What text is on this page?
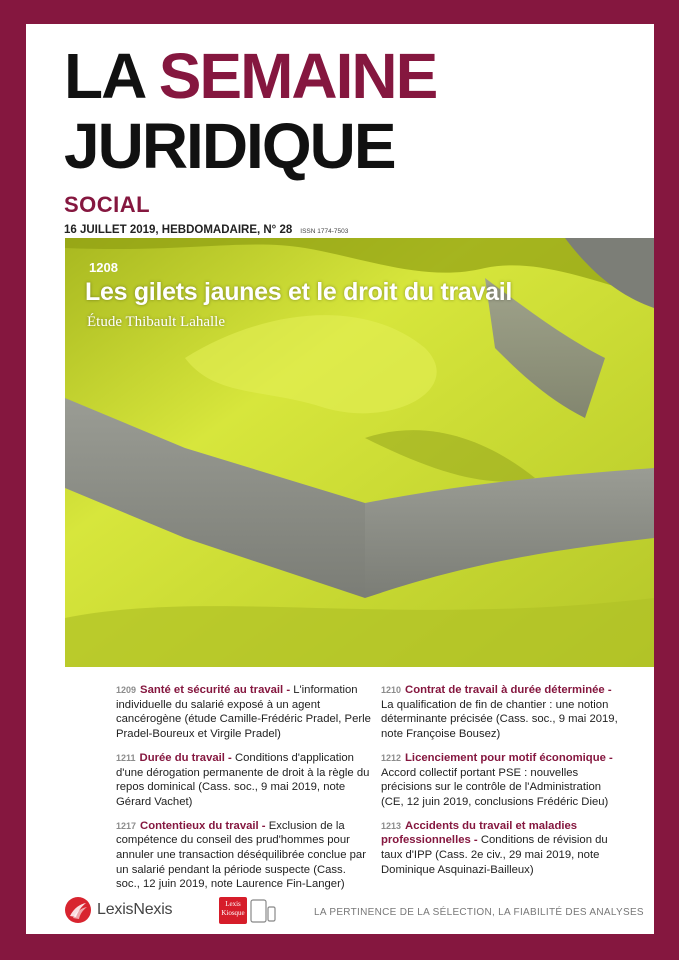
LA SEMAINE
JURIDIQUE
SOCIAL
16 JUILLET 2019, HEBDOMADAIRE, N° 28 ISSN 1774-7503
1208
Les gilets jaunes et le droit du travail
Étude Thibault Lahalle
1209 Santé et sécurité au travail - L'information individuelle du salarié exposé à un agent cancérogène (étude Camille-Frédéric Pradel, Perle Pradel-Boureux et Virgile Pradel)
1211 Durée du travail - Conditions d'application d'une dérogation permanente de droit à la règle du repos dominical (Cass. soc., 9 mai 2019, note Gérard Vachet)
1217 Contentieux du travail - Exclusion de la compétence du conseil des prud'hommes pour annuler une transaction déséquilibrée conclue par un salarié pendant la période suspecte (Cass. soc., 12 juin 2019, note Laurence Fin-Langer)
1210 Contrat de travail à durée déterminée - La qualification de fin de chantier : une notion déterminante précisée (Cass. soc., 9 mai 2019, note Françoise Bousez)
1212 Licenciement pour motif économique - Accord collectif portant PSE : nouvelles précisions sur le contrôle de l'Administration (CE, 12 juin 2019, conclusions Frédéric Dieu)
1213 Accidents du travail et maladies professionnelles - Conditions de révision du taux d'IPP (Cass. 2e civ., 29 mai 2019, note Dominique Asquinazi-Bailleux)
LexisNexis	Lexis
Kiosque	LA PERTINENCE DE LA SÉLECTION, LA FIABILITÉ DES ANALYSES
